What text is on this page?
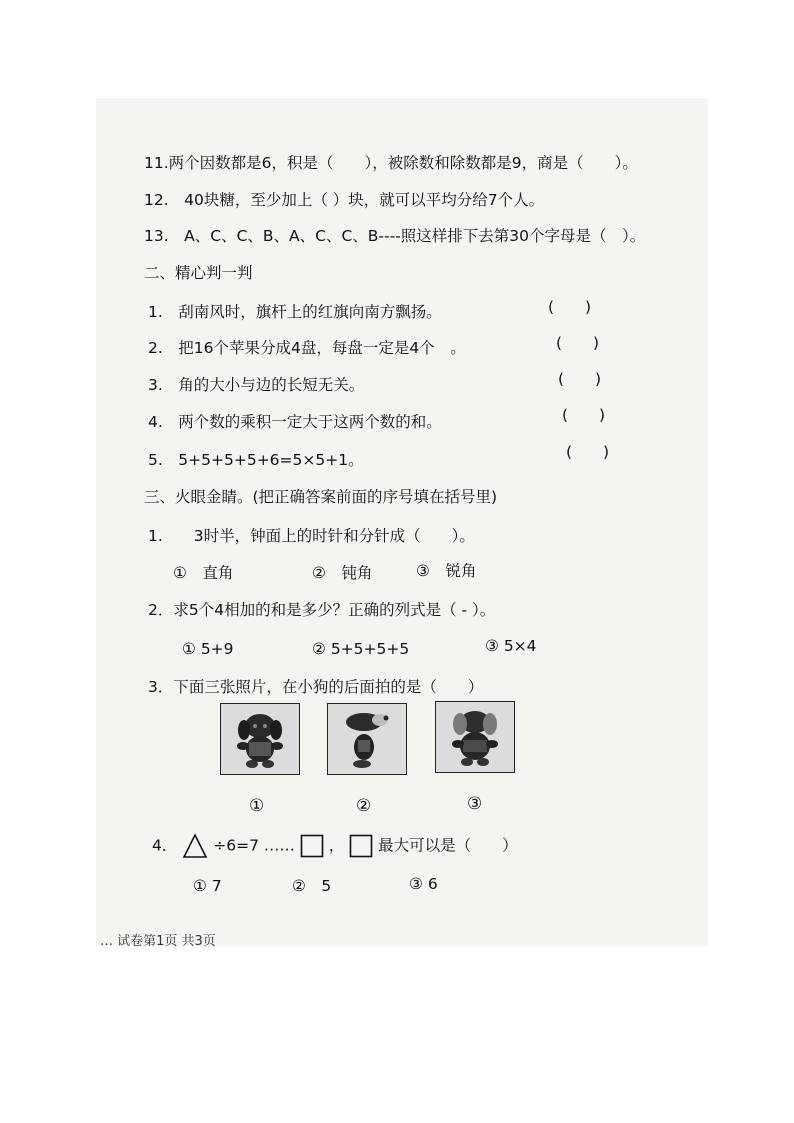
11.两个因数都是6，积是（　　），被除数和除数都是9，商是（　　）。
12.　40块糖，至少加上（ ）块，就可以平均分给7个人。
13.　A、C、C、B、A、C、C、B----照这样排下去第30个字母是（　）。
二、精心判一判
1.　刮南风时，旗杆上的红旗向南方飘扬。	(　　)
2.　把16个苹果分成4盘，每盘一定是4个　。	(　　)
3.　角的大小与边的长短无关。	(　　)
4.　两个数的乘积一定大于这两个数的和。	(　　)
5.　5+5+5+5+6=5×5+1。	(　　)
三、火眼金睛。(把正确答案前面的序号填在括号里)
1.　　3时半，钟面上的时针和分针成（　　）。
①　直角	②　钝角	③　锐角
2．求5个4相加的和是多少？正确的列式是（ - ）。
① 5+9	② 5+5+5+5	③ 5×4
3．下面三张照片，在小狗的后面拍的是（　　）
①	②	③
4． ÷6=7 …… ， 最大可以是（　　）
① 7	②　5	③ 6
… 试卷第1页 共3页
